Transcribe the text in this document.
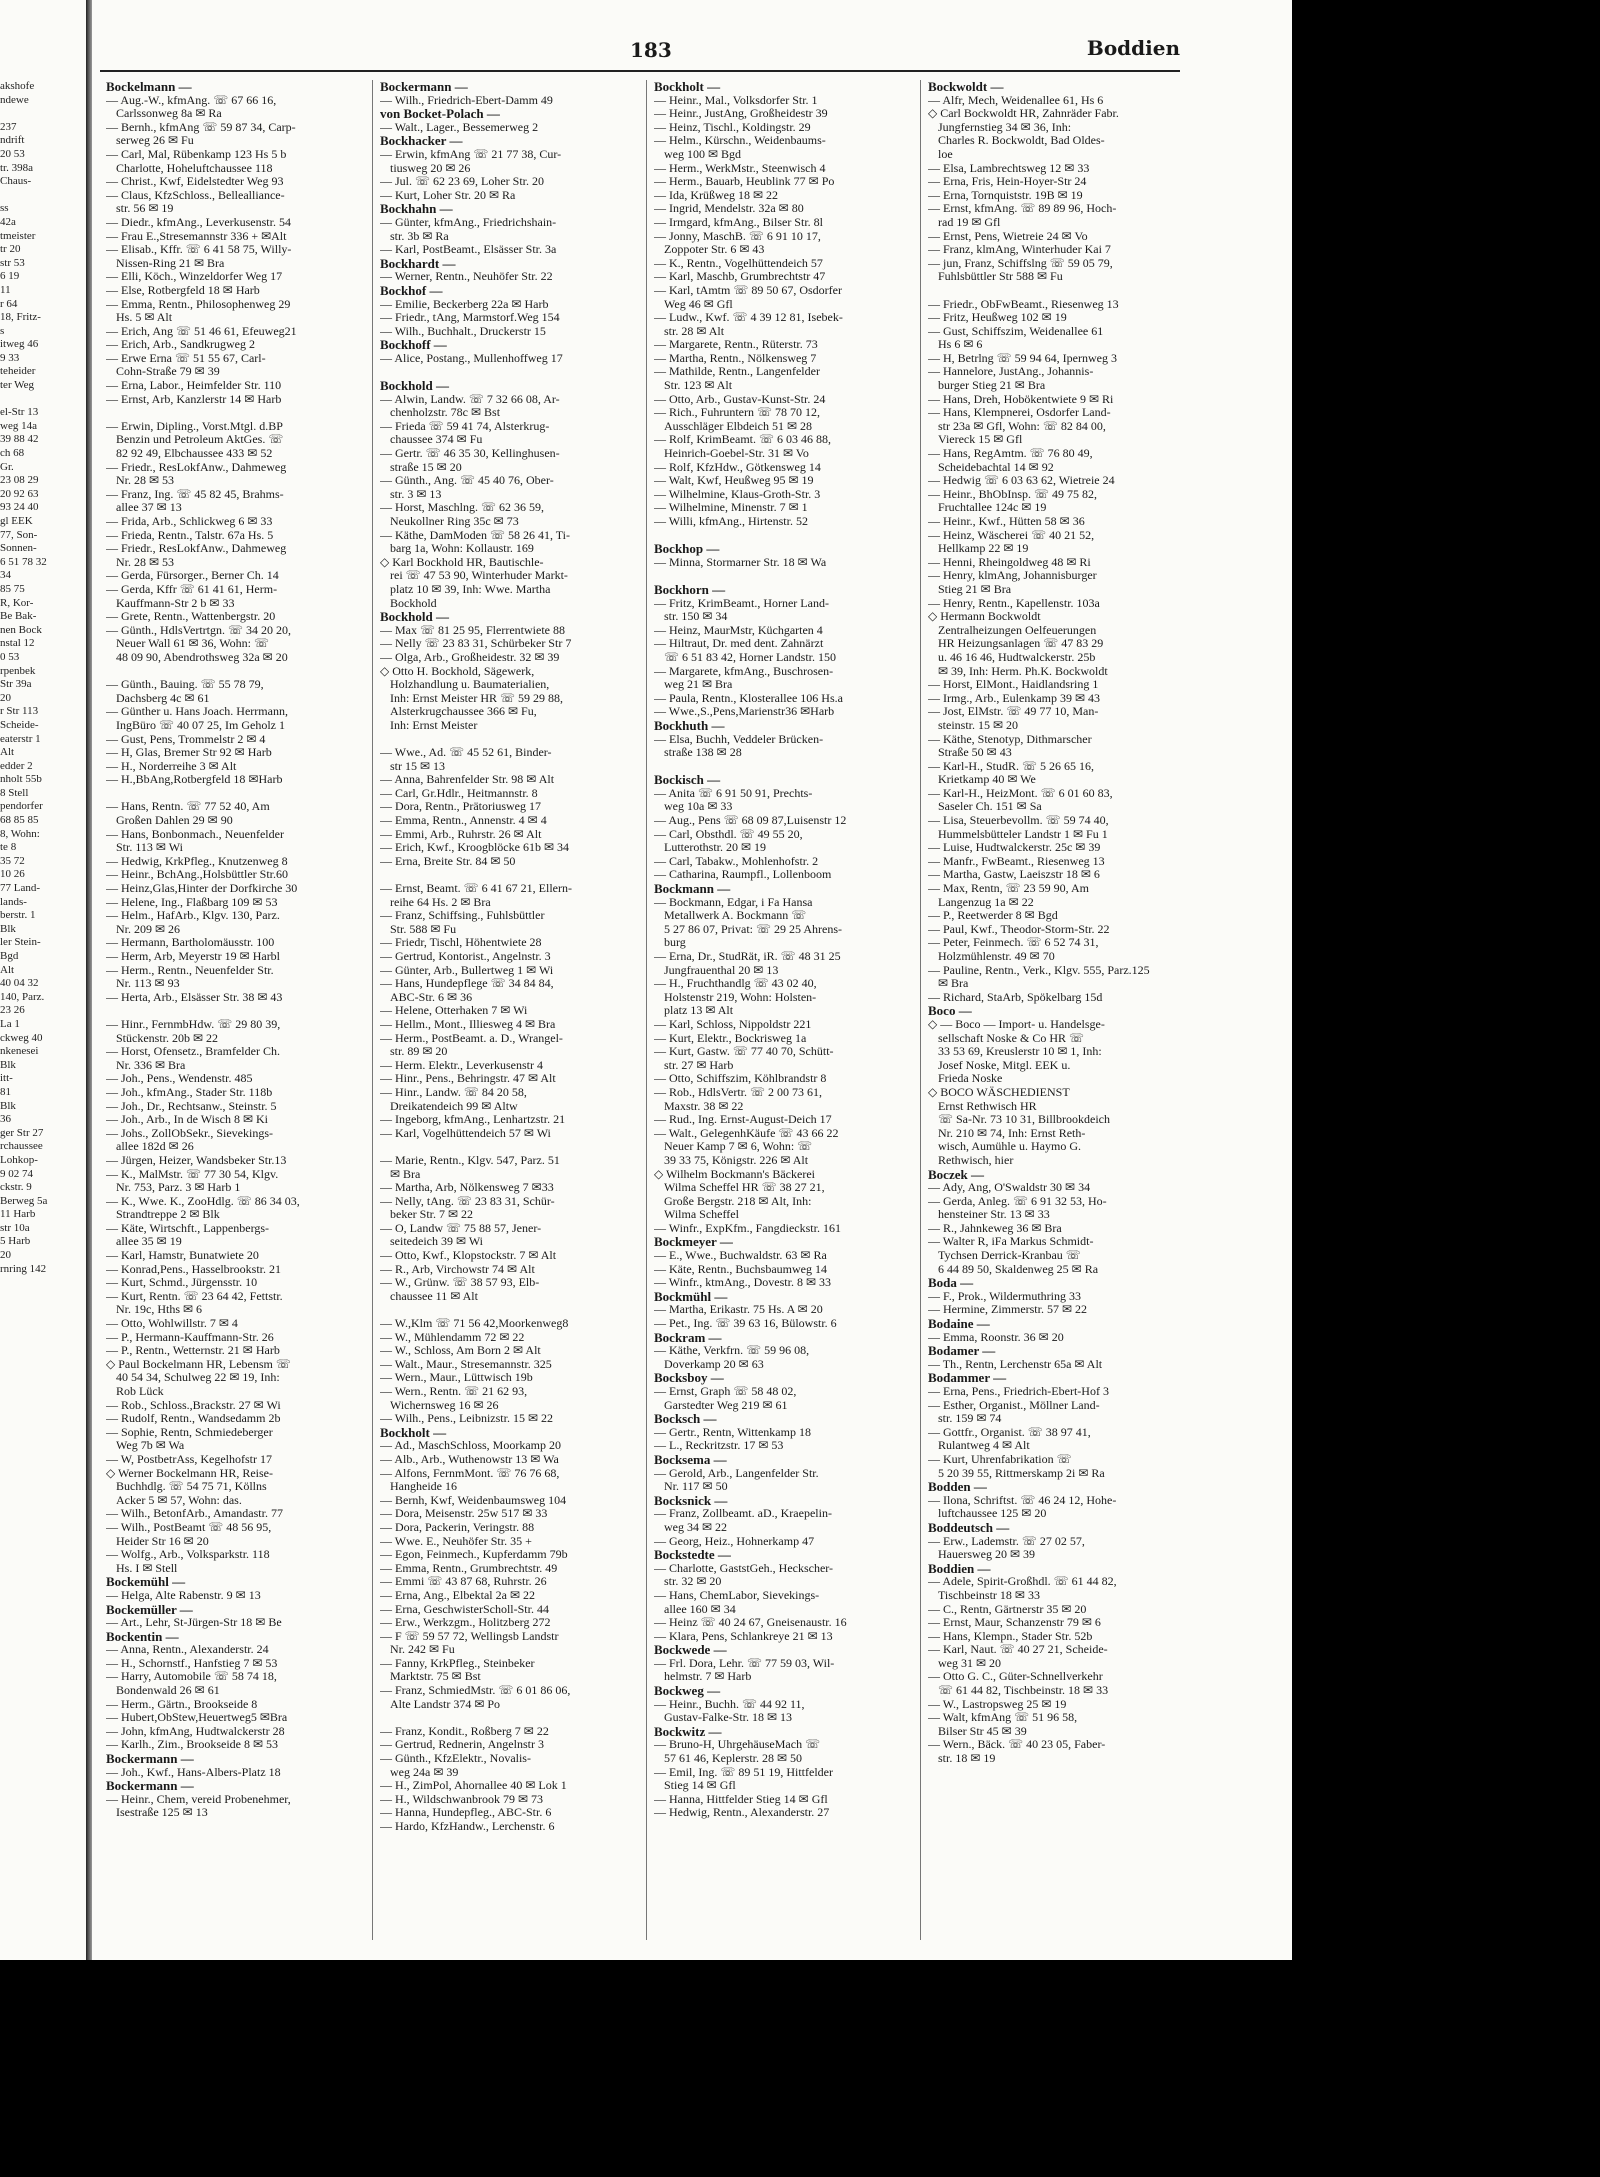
akshofe
ndewe

237
ndrift
20 53
tr. 398a
Chaus-

ss
42a
tmeister
tr 20
str 53
6 19
11
r 64
18, Fritz-
s
itweg 46
9 33
teheider
ter Weg

el-Str 13
weg 14a
39 88 42
ch 68
Gr.
23 08 29
20 92 63
93 24 40
gl EEK
77, Son-
Sonnen-
6 51 78 32
34
85 75
R, Kor-
Be Bak-
nen Bock
nstal 12
0 53
rpenbek
Str 39a
20
r Str 113
Scheide-
eaterstr 1
Alt
edder 2
nholt 55b
8 Stell
pendorfer
68 85 85
8, Wohn:
te 8
35 72
10 26
77 Land-
lands-
berstr. 1
Blk
ler Stein-
Bgd
Alt
40 04 32
140, Parz.
23 26
La 1
ckweg 40
nkenesei
Blk
itt-
81
Blk
36
ger Str 27
rchaussee
Lohkop-
9 02 74
ckstr. 9
Berweg 5a
11 Harb
str 10a
5 Harb
20
rnring 142
183	Boddien
Bockelmann —
— Aug.-W., kfmAng. ☏ 67 66 16,
Carlssonweg 8a ✉ Ra
— Bernh., kfmAng ☏ 59 87 34, Carp-
serweg 26 ✉ Fu
— Carl, Mal, Rübenkamp 123 Hs 5 b
Charlotte, Hoheluftchaussee 118
— Christ., Kwf, Eidelstedter Weg 93
— Claus, KfzSchloss., Belleallianсe-
str. 56 ✉ 19
— Diedr., kfmAng., Leverkusenstr. 54
— Frau E.,Stresemannstr 336 + ✉Alt
— Elisab., Kffr. ☏ 6 41 58 75, Willy-
Nissen-Ring 21 ✉ Bra
— Elli, Köch., Winzeldorfer Weg 17
— Else, Rotbergfeld 18 ✉ Harb
— Emma, Rentn., Philosophenweg 29
Hs. 5 ✉ Alt
— Erich, Ang ☏ 51 46 61, Efeuweg21
— Erich, Arb., Sandkrugweg 2
— Erwe Erna ☏ 51 55 67, Carl-
Cohn-Straße 79 ✉ 39
— Erna, Labor., Heimfelder Str. 110
— Ernst, Arb, Kanzlerstr 14 ✉ Harb

— Erwin, Dipling., Vorst.Mtgl. d.BP
Benzin und Petroleum AktGes. ☏
82 92 49, Elbchaussee 433 ✉ 52
— Friedr., ResLokfAnw., Dahmeweg
Nr. 28 ✉ 53
— Franz, Ing. ☏ 45 82 45, Brahms-
allee 37 ✉ 13
— Frida, Arb., Schlickweg 6 ✉ 33
— Frieda, Rentn., Talstr. 67a Hs. 5
— Friedr., ResLokfAnw., Dahmeweg
Nr. 28 ✉ 53
— Gerda, Fürsorger., Berner Ch. 14
— Gerda, Kffr ☏ 61 41 61, Herm-
Kauffmann-Str 2 b ✉ 33
— Grete, Rentn., Wattenbergstr. 20
— Günth., HdlsVertrtgn. ☏ 34 20 20,
Neuer Wall 61 ✉ 36, Wohn: ☏
48 09 90, Abendrothsweg 32a ✉ 20

— Günth., Bauing. ☏ 55 78 79,
Dachsberg 4c ✉ 61
— Günther u. Hans Joach. Herrmann,
IngBüro ☏ 40 07 25, Im Geholz 1
— Gust, Pens, Trommelstr 2 ✉ 4
— H, Glas, Bremer Str 92 ✉ Harb
— H., Norderreihe 3 ✉ Alt
— H.,BbAng,Rotbergfeld 18 ✉Harb

— Hans, Rentn. ☏ 77 52 40, Am
Großen Dahlen 29 ✉ 90
— Hans, Bonbonmach., Neuenfelder
Str. 113 ✉ Wi
— Hedwig, KrkPfleg., Knutzenweg 8
— Heinr., BchAng.,Holsbüttler Str.60
— Heinz,Glas,Hinter der Dorfkirche 30
— Helene, Ing., Flaßbarg 109 ✉ 53
— Helm., HafArb., Klgv. 130, Parz.
Nr. 209 ✉ 26
— Hermann, Bartholomäusstr. 100
— Herm, Arb, Meyerstr 19 ✉ Harbl
— Herm., Rentn., Neuenfelder Str.
Nr. 113 ✉ 93
— Herta, Arb., Elsässer Str. 38 ✉ 43

— Hinr., FernmbHdw. ☏ 29 80 39,
Stückenstr. 20b ✉ 22
— Horst, Ofensetz., Bramfelder Ch.
Nr. 336 ✉ Bra
— Joh., Pens., Wendenstr. 485
— Joh., kfmAng., Stader Str. 118b
— Joh., Dr., Rechtsanw., Steinstr. 5
— Joh., Arb., In de Wisch 8 ✉ Ki
— Johs., ZollObSekr., Sievekings-
allee 182d ✉ 26
— Jürgen, Heizer, Wandsbeker Str.13
— K., MalMstr. ☏ 77 30 54, Klgv.
Nr. 753, Parz. 3 ✉ Harb 1
— K., Wwe. K., ZooHdlg. ☏ 86 34 03,
Strandtreppe 2 ✉ Blk
— Käte, Wirtschft., Lappenbergs-
allee 35 ✉ 19
— Karl, Hamstr, Bunatwiete 20
— Konrad,Pens., Hasselbrookstr. 21
— Kurt, Schmd., Jürgensstr. 10
— Kurt, Rentn. ☏ 23 64 42, Fettstr.
Nr. 19c, Hths ✉ 6
— Otto, Wohlwillstr. 7 ✉ 4
— P., Hermann-Kauffmann-Str. 26
— P., Rentn., Wetternstr. 21 ✉ Harb
◇ Paul Bockelmann HR, Lebensm ☏
40 54 34, Schulweg 22 ✉ 19, Inh:
Rob Lück
— Rob., Schloss.,Brackstr. 27 ✉ Wi
— Rudolf, Rentn., Wandsedamm 2b
— Sophie, Rentn, Schmiedeberger
Weg 7b ✉ Wa
— W, PostbetrAss, Kegelhofstr 17
◇ Werner Bockelmann HR, Reise-
Buchhdlg. ☏ 54 75 71, Köllns
Acker 5 ✉ 57, Wohn: das.
— Wilh., BetonfArb., Amandastr. 77
— Wilh., PostBeamt ☏ 48 56 95,
Heider Str 16 ✉ 20
— Wolfg., Arb., Volksparkstr. 118
Hs. I ✉ Stell
Bockemühl —
— Helga, Alte Rabenstr. 9 ✉ 13
Bockemüller —
— Art., Lehr, St-Jürgen-Str 18 ✉ Be
Bockentin —
— Anna, Rentn., Alexanderstr. 24
— H., Schornstf., Hanfstieg 7 ✉ 53
— Harry, Automobile ☏ 58 74 18,
Bondenwald 26 ✉ 61
— Herm., Gärtn., Brookseide 8
— Hubert,ObStew,Heuertweg5 ✉Bra
— John, kfmAng, Hudtwalckerstr 28
— Karlh., Zim., Brookseide 8 ✉ 53
Bockermann —
— Joh., Kwf., Hans-Albers-Platz 18
Bockermann —
— Heinr., Chem, vereid Probenehmer,
Isestraße 125 ✉ 13
Bockermann —
— Wilh., Friedrich-Ebert-Damm 49
von Bocket-Polach —
— Walt., Lager., Bessemerweg 2
Bockhacker —
— Erwin, kfmAng ☏ 21 77 38, Cur-
tiusweg 20 ✉ 26
— Jul. ☏ 62 23 69, Loher Str. 20
— Kurt, Loher Str. 20 ✉ Ra
Bockhahn —
— Günter, kfmAng., Friedrichshain-
str. 3b ✉ Ra
— Karl, PostBeamt., Elsässer Str. 3a
Bockhardt —
— Werner, Rentn., Neuhöfer Str. 22
Bockhof —
— Emilie, Beckerberg 22a ✉ Harb
— Friedr., tAng, Marmstorf.Weg 154
— Wilh., Buchhalt., Druckerstr 15
Bockhoff —
— Alice, Postang., Mullenhoffweg 17

Bockhold —
— Alwin, Landw. ☏ 7 32 66 08, Ar-
chenholzstr. 78c ✉ Bst
— Frieda ☏ 59 41 74, Alsterkrug-
chaussee 374 ✉ Fu
— Gertr. ☏ 46 35 30, Kellinghusen-
straße 15 ✉ 20
— Günth., Ang. ☏ 45 40 76, Ober-
str. 3 ✉ 13
— Horst, Maschlng. ☏ 62 36 59,
Neukollner Ring 35c ✉ 73
— Käthe, DamModen ☏ 58 26 41, Ti-
barg 1a, Wohn: Kollaustr. 169
◇ Karl Bockhold HR, Bautischle-
rei ☏ 47 53 90, Winterhuder Markt-
platz 10 ✉ 39, Inh: Wwe. Martha
Bockhold
Bockhold —
— Max ☏ 81 25 95, Flerrentwiete 88
— Nelly ☏ 23 83 31, Schürbeker Str 7
— Olga, Arb., Großheidestr. 32 ✉ 39
◇ Otto H. Bockhold, Sägewerk,
Holzhandlung u. Baumaterialien,
Inh: Ernst Meister HR ☏ 59 29 88,
Alsterkrugchaussee 366 ✉ Fu,
Inh: Ernst Meister

— Wwe., Ad. ☏ 45 52 61, Binder-
str 15 ✉ 13
— Anna, Bahrenfelder Str. 98 ✉ Alt
— Carl, Gr.Hdlr., Heitmannstr. 8
— Dora, Rentn., Prätoriusweg 17
— Emma, Rentn., Annenstr. 4 ✉ 4
— Emmi, Arb., Ruhrstr. 26 ✉ Alt
— Erich, Kwf., Kroogblöcke 61b ✉ 34
— Erna, Breite Str. 84 ✉ 50

— Ernst, Beamt. ☏ 6 41 67 21, Ellern-
reihe 64 Hs. 2 ✉ Bra
— Franz, Schiffsing., Fuhlsbüttler
Str. 588 ✉ Fu
— Friedr, Tischl, Höhentwiete 28
— Gertrud, Kontorist., Angelnstr. 3
— Günter, Arb., Bullertweg 1 ✉ Wi
— Hans, Hundepflege ☏ 34 84 84,
ABC-Str. 6 ✉ 36
— Helene, Otterhaken 7 ✉ Wi
— Hellm., Mont., Illiesweg 4 ✉ Bra
— Herm., PostBeamt. a. D., Wrangel-
str. 89 ✉ 20
— Herm. Elektr., Leverkusenstr 4
— Hinr., Pens., Behringstr. 47 ✉ Alt
— Hinr., Landw. ☏ 84 20 58,
Dreikatendeich 99 ✉ Altw
— Ingeborg, kfmAng., Lenhartzstr. 21
— Karl, Vogelhüttendeich 57 ✉ Wi

— Marie, Rentn., Klgv. 547, Parz. 51
✉ Bra
— Martha, Arb, Nölkensweg 7 ✉33
— Nelly, tAng. ☏ 23 83 31, Schür-
beker Str. 7 ✉ 22
— O, Landw ☏ 75 88 57, Jener-
seitedeich 39 ✉ Wi
— Otto, Kwf., Klopstockstr. 7 ✉ Alt
— R., Arb, Virchowstr 74 ✉ Alt
— W., Grünw. ☏ 38 57 93, Elb-
chaussee 11 ✉ Alt

— W.,Klm ☏ 71 56 42,Moorkenweg8
— W., Mühlendamm 72 ✉ 22
— W., Schloss, Am Born 2 ✉ Alt
— Walt., Maur., Stresemannstr. 325
— Wern., Maur., Lüttwisch 19b
— Wern., Rentn. ☏ 21 62 93,
Wichernsweg 16 ✉ 26
— Wilh., Pens., Leibnizstr. 15 ✉ 22
Bockholt —
— Ad., MaschSchloss, Moorkamp 20
— Alb., Arb., Wuthenowstr 13 ✉ Wa
— Alfons, FernmMont. ☏ 76 76 68,
Hangheide 16
— Bernh, Kwf, Weidenbaumsweg 104
— Dora, Meisenstr. 25w 517 ✉ 33
— Dora, Packerin, Veringstr. 88
— Wwe. E., Neuhöfer Str. 35 +
— Egon, Feinmech., Kupferdamm 79b
— Emma, Rentn., Grumbrechtstr. 49
— Emmi ☏ 43 87 68, Ruhrstr. 26
— Erna, Ang., Elbektal 2a ✉ 22
— Erna, GeschwisterScholl-Str. 44
— Erw., Werkzgm., Holitzberg 272
— F ☏ 59 57 72, Wellingsb Landstr
Nr. 242 ✉ Fu
— Fanny, KrkPfleg., Steinbeker
Marktstr. 75 ✉ Bst
— Franz, SchmiedMstr. ☏ 6 01 86 06,
Alte Landstr 374 ✉ Po

— Franz, Kondit., Roßberg 7 ✉ 22
— Gertrud, Rednerin, Angelnstr 3
— Günth., KfzElektr., Novalis-
weg 24a ✉ 39
— H., ZimPol, Ahornallee 40 ✉ Lok 1
— H., Wildschwanbrook 79 ✉ 73
— Hanna, Hundepfleg., ABC-Str. 6
— Hardo, KfzHandw., Lerchenstr. 6
Bockholt —
— Heinr., Mal., Volksdorfer Str. 1
— Heinr., JustAng, Großheidestr 39
— Heinz, Tischl., Koldingstr. 29
— Helm., Kürschn., Weidenbaums-
weg 100 ✉ Bgd
— Herm., WerkMstr., Steenwisch 4
— Herm., Bauarb, Heublink 77 ✉ Po
— Ida, Krüßweg 18 ✉ 22
— Ingrid, Mendelstr. 32a ✉ 80
— Irmgard, kfmAng., Bilser Str. 8l
— Jonny, MaschB. ☏ 6 91 10 17,
Zoppoter Str. 6 ✉ 43
— K., Rentn., Vogelhüttendeich 57
— Karl, Maschb, Grumbrechtstr 47
— Karl, tAmtm ☏ 89 50 67, Osdorfer
Weg 46 ✉ Gfl
— Ludw., Kwf. ☏ 4 39 12 81, Isebek-
str. 28 ✉ Alt
— Margarete, Rentn., Rüterstr. 73
— Martha, Rentn., Nölkensweg 7
— Mathilde, Rentn., Langenfelder
Str. 123 ✉ Alt
— Otto, Arb., Gustav-Kunst-Str. 24
— Rich., Fuhruntern ☏ 78 70 12,
Ausschläger Elbdeich 51 ✉ 28
— Rolf, KrimBeamt. ☏ 6 03 46 88,
Heinrich-Goebel-Str. 31 ✉ Vo
— Rolf, KfzHdw., Götkensweg 14
— Walt, Kwf, Heußweg 95 ✉ 19
— Wilhelmine, Klaus-Groth-Str. 3
— Wilhelmine, Minenstr. 7 ✉ 1
— Willi, kfmAng., Hirtenstr. 52

Bockhop —
— Minna, Stormarner Str. 18 ✉ Wa

Bockhorn —
— Fritz, KrimBeamt., Horner Land-
str. 150 ✉ 34
— Heinz, MaurMstr, Küchgarten 4
— Hiltraut, Dr. med dent. Zahnärzt
☏ 6 51 83 42, Horner Landstr. 150
— Margarete, kfmAng., Buschrosen-
weg 21 ✉ Bra
— Paula, Rentn., Klosterallee 106 Hs.a
— Wwe.,S.,Pens,Marienstr36 ✉Harb
Bockhuth —
— Elsa, Buchh, Veddeler Brücken-
straße 138 ✉ 28

Bockisch —
— Anita ☏ 6 91 50 91, Prechts-
weg 10a ✉ 33
— Aug., Pens ☏ 68 09 87,Luisenstr 12
— Carl, Obsthdl. ☏ 49 55 20,
Lutterothstr. 20 ✉ 19
— Carl, Tabakw., Mohlenhofstr. 2
— Catharina, Raumpfl., Lollenboom
Bockmann —
— Bockmann, Edgar, i Fa Hansa
Metallwerk A. Bockmann ☏
5 27 86 07, Privat: ☏ 29 25 Ahrens-
burg
— Erna, Dr., StudRät, iR. ☏ 48 31 25
Jungfrauenthal 20 ✉ 13
— H., Fruchthandlg ☏ 43 02 40,
Holstenstr 219, Wohn: Holsten-
platz 13 ✉ Alt
— Karl, Schloss, Nippoldstr 221
— Kurt, Elektr., Bockrisweg 1a
— Kurt, Gastw. ☏ 77 40 70, Schütt-
str. 27 ✉ Harb
— Otto, Schiffszim, Köhlbrandstr 8
— Rob., HdlsVertr. ☏ 2 00 73 61,
Maxstr. 38 ✉ 22
— Rud., Ing. Ernst-August-Deich 17
— Walt., GelegenhKäufe ☏ 43 66 22
Neuer Kamp 7 ✉ 6, Wohn: ☏
39 33 75, Königstr. 226 ✉ Alt
◇ Wilhelm Bockmann's Bäckerei
Wilma Scheffel HR ☏ 38 27 21,
Große Bergstr. 218 ✉ Alt, Inh:
Wilma Scheffel
— Winfr., ExpKfm., Fangdieckstr. 161
Bockmeyer —
— E., Wwe., Buchwaldstr. 63 ✉ Ra
— Käte, Rentn., Buchsbaumweg 14
— Winfr., ktmAng., Dovestr. 8 ✉ 33
Bockmühl —
— Martha, Erikastr. 75 Hs. A ✉ 20
— Pet., Ing. ☏ 39 63 16, Bülowstr. 6
Bockram —
— Käthe, Verkfrn. ☏ 59 96 08,
Doverkamp 20 ✉ 63
Bocksboy —
— Ernst, Graph ☏ 58 48 02,
Garstedter Weg 219 ✉ 61
Bocksch —
— Gertr., Rentn, Wittenkamp 18
— L., Reckritzstr. 17 ✉ 53
Bocksema —
— Gerold, Arb., Langenfelder Str.
Nr. 117 ✉ 50
Bocksnick —
— Franz, Zollbeamt. aD., Kraepelin-
weg 34 ✉ 22
— Georg, Heiz., Hohnerkamp 47
Bockstedte —
— Charlotte, GaststGeh., Heckscher-
str. 32 ✉ 20
— Hans, ChemLabor, Sievekings-
allee 160 ✉ 34
— Heinz ☏ 40 24 67, Gneisenaustr. 16
— Klara, Pens, Schlankreye 21 ✉ 13
Bockwede —
— Frl. Dora, Lehr. ☏ 77 59 03, Wil-
helmstr. 7 ✉ Harb
Bockweg —
— Heinr., Buchh. ☏ 44 92 11,
Gustav-Falke-Str. 18 ✉ 13
Bockwitz —
— Bruno-H, UhrgehäuseMach ☏
57 61 46, Keplerstr. 28 ✉ 50
— Emil, Ing. ☏ 89 51 19, Hittfelder
Stieg 14 ✉ Gfl
— Hanna, Hittfelder Stieg 14 ✉ Gfl
— Hedwig, Rentn., Alexanderstr. 27
Bockwoldt —
— Alfr, Mech, Weidenallee 61, Hs 6
◇ Carl Bockwoldt HR, Zahnräder Fabr.
Jungfernstieg 34 ✉ 36, Inh:
Charles R. Bockwoldt, Bad Oldes-
loe
— Elsa, Lambrechtsweg 12 ✉ 33
— Erna, Fris, Hein-Hoyer-Str 24
— Erna, Tornquiststr. 19B ✉ 19
— Ernst, kfmAng. ☏ 89 89 96, Hoch-
rad 19 ✉ Gfl
— Ernst, Pens, Wietreie 24 ✉ Vo
— Franz, klmAng, Winterhuder Kai 7
— jun, Franz, Schiffslng ☏ 59 05 79,
Fuhlsbüttler Str 588 ✉ Fu

— Friedr., ObFwBeamt., Riesenweg 13
— Fritz, Heußweg 102 ✉ 19
— Gust, Schiffszim, Weidenallee 61
Hs 6 ✉ 6
— H, Betrlng ☏ 59 94 64, Ipernweg 3
— Hannelore, JustAng., Johannis-
burger Stieg 21 ✉ Bra
— Hans, Dreh, Hobökentwiete 9 ✉ Ri
— Hans, Klempnerei, Osdorfer Land-
str 23a ✉ Gfl, Wohn: ☏ 82 84 00,
Viereck 15 ✉ Gfl
— Hans, RegAmtm. ☏ 76 80 49,
Scheidebachtal 14 ✉ 92
— Hedwig ☏ 6 03 63 62, Wietreie 24
— Heinr., BhObInsp. ☏ 49 75 82,
Fruchtallee 124c ✉ 19
— Heinr., Kwf., Hütten 58 ✉ 36
— Heinz, Wäscherei ☏ 40 21 52,
Hellkamp 22 ✉ 19
— Henni, Rheingoldweg 48 ✉ Ri
— Henry, klmAng, Johannisburger
Stieg 21 ✉ Bra
— Henry, Rentn., Kapellenstr. 103a
◇ Hermann Bockwoldt
Zentralheizungen Oelfeuerungen
HR Heizungsanlagen ☏ 47 83 29
u. 46 16 46, Hudtwalckerstr. 25b
✉ 39, Inh: Herm. Ph.K. Bockwoldt
— Horst, ElMont., Haidlandsring 1
— Irmg., Arb., Eulenkamp 39 ✉ 43
— Jost, ElMstr. ☏ 49 77 10, Man-
steinstr. 15 ✉ 20
— Käthe, Stenotyp, Dithmarscher
Straße 50 ✉ 43
— Karl-H., StudR. ☏ 5 26 65 16,
Krietkamp 40 ✉ We
— Karl-H., HeizMont. ☏ 6 01 60 83,
Saseler Ch. 151 ✉ Sa
— Lisa, Steuerbevollm. ☏ 59 74 40,
Hummelsbütteler Landstr 1 ✉ Fu 1
— Luise, Hudtwalckerstr. 25c ✉ 39
— Manfr., FwBeamt., Riesenweg 13
— Martha, Gastw, Laeiszstr 18 ✉ 6
— Max, Rentn, ☏ 23 59 90, Am
Langenzug 1a ✉ 22
— P., Reetwerder 8 ✉ Bgd
— Paul, Kwf., Theodor-Storm-Str. 22
— Peter, Feinmech. ☏ 6 52 74 31,
Holzmühlenstr. 49 ✉ 70
— Pauline, Rentn., Verk., Klgv. 555, Parz.125
✉ Bra
— Richard, StaArb, Spökelbarg 15d
Boco —
◇ — Boco — Import- u. Handelsge-
sellschaft Noske & Co HR ☏
33 53 69, Kreuslerstr 10 ✉ 1, Inh:
Josef Noske, Mitgl. EEK u.
Frieda Noske
◇ BOCO WÄSCHEDIENST
Ernst Rethwisch HR
☏ Sa-Nr. 73 10 31, Billbrookdeich
Nr. 210 ✉ 74, Inh: Ernst Reth-
wisch, Aumühle u. Haymo G.
Rethwisch, hier
Boczek —
— Ady, Ang, O'Swaldstr 30 ✉ 34
— Gerda, Anleg. ☏ 6 91 32 53, Ho-
hensteiner Str. 13 ✉ 33
— R., Jahnkeweg 36 ✉ Bra
— Walter R, iFa Markus Schmidt-
Tychsen Derrick-Kranbau ☏
6 44 89 50, Skaldenweg 25 ✉ Ra
Boda —
— F., Prok., Wildermuthring 33
— Hermine, Zimmerstr. 57 ✉ 22
Bodaine —
— Emma, Roonstr. 36 ✉ 20
Bodamer —
— Th., Rentn, Lerchenstr 65a ✉ Alt
Bodammer —
— Erna, Pens., Friedrich-Ebert-Hof 3
— Esther, Organist., Möllner Land-
str. 159 ✉ 74
— Gottfr., Organist. ☏ 38 97 41,
Rulantweg 4 ✉ Alt
— Kurt, Uhrenfabrikation ☏
5 20 39 55, Rittmerskamp 2i ✉ Ra
Bodden —
— Ilona, Schriftst. ☏ 46 24 12, Hohe-
luftchaussee 125 ✉ 20
Boddeutsch —
— Erw., Lademstr. ☏ 27 02 57,
Hauersweg 20 ✉ 39
Boddien —
— Adele, Spirit-Großhdl. ☏ 61 44 82,
Tischbeinstr 18 ✉ 33
— C., Rentn, Gärtnerstr 35 ✉ 20
— Ernst, Maur, Schanzenstr 79 ✉ 6
— Hans, Klempn., Stader Str. 52b
— Karl, Naut. ☏ 40 27 21, Scheide-
weg 31 ✉ 20
— Otto G. C., Güter-Schnellverkehr
☏ 61 44 82, Tischbeinstr. 18 ✉ 33
— W., Lastropsweg 25 ✉ 19
— Walt, kfmAng ☏ 51 96 58,
Bilser Str 45 ✉ 39
— Wern., Bäck. ☏ 40 23 05, Faber-
str. 18 ✉ 19
